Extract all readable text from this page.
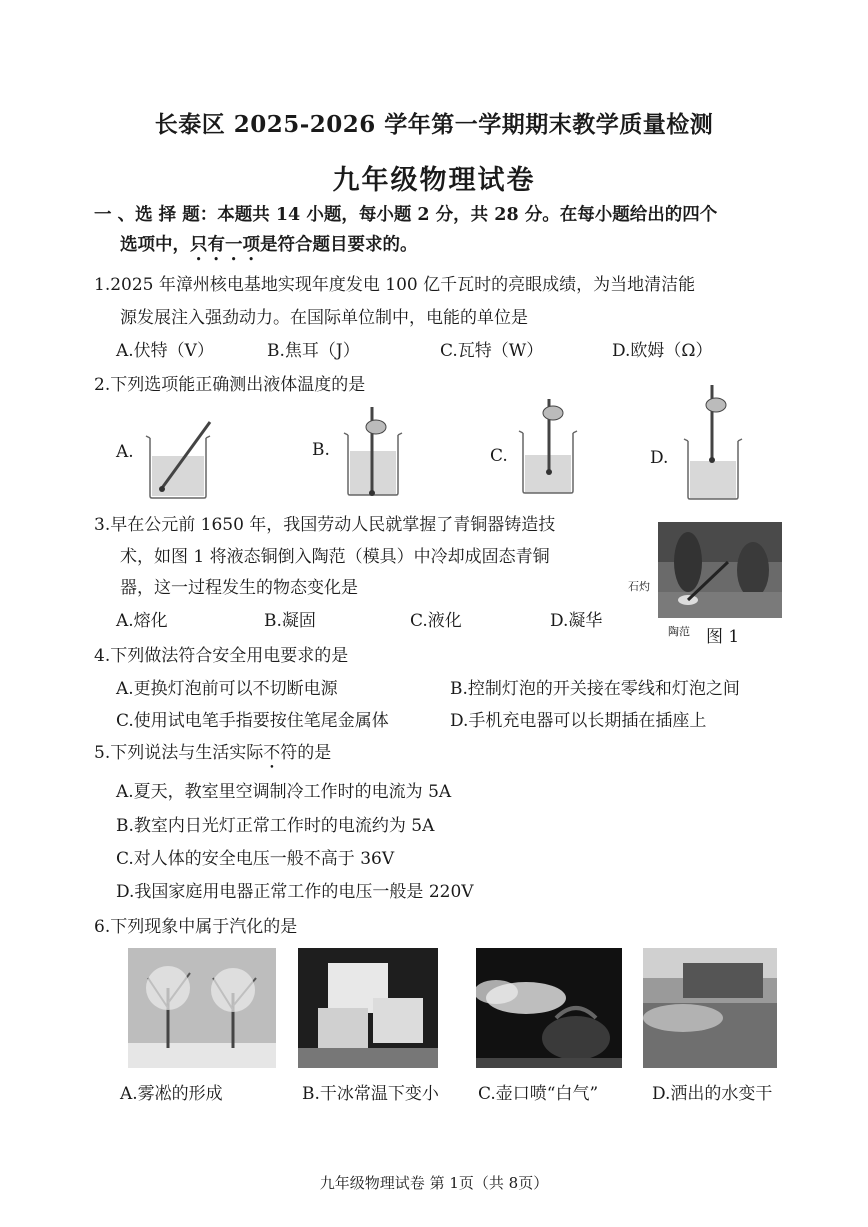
长泰区 2025-2026 学年第一学期期末教学质量检测
九年级物理试卷
一 、选 择 题：本题共 14 小题，每小题 2 分，共 28 分。在每小题给出的四个
选项中，只有一项是符合题目要求的。
1.2025 年漳州核电基地实现年度发电 100 亿千瓦时的亮眼成绩，为当地清洁能
源发展注入强劲动力。在国际单位制中，电能的单位是
A.伏特（V）	B.焦耳（J）	C.瓦特（W）	D.欧姆（Ω）
2.下列选项能正确测出液体温度的是
A.	B.	C.	D.
3.早在公元前 1650 年，我国劳动人民就掌握了青铜器铸造技
术，如图 1 将液态铜倒入陶范（模具）中冷却成固态青铜
器，这一过程发生的物态变化是
A.熔化	B.凝固	C.液化	D.凝华
石灼
陶范 图 1
4.下列做法符合安全用电要求的是
A.更换灯泡前可以不切断电源	B.控制灯泡的开关接在零线和灯泡之间
C.使用试电笔手指要按住笔尾金属体	D.手机充电器可以长期插在插座上
5.下列说法与生活实际不符的是
A.夏天，教室里空调制冷工作时的电流为 5A
B.教室内日光灯正常工作时的电流约为 5A
C.对人体的安全电压一般不高于 36V
D.我国家庭用电器正常工作的电压一般是 220V
6.下列现象中属于汽化的是
A.雾凇的形成	B.干冰常温下变小 C.壶口喷“白气”	D.洒出的水变干
九年级物理试卷 第 1页（共 8页）
